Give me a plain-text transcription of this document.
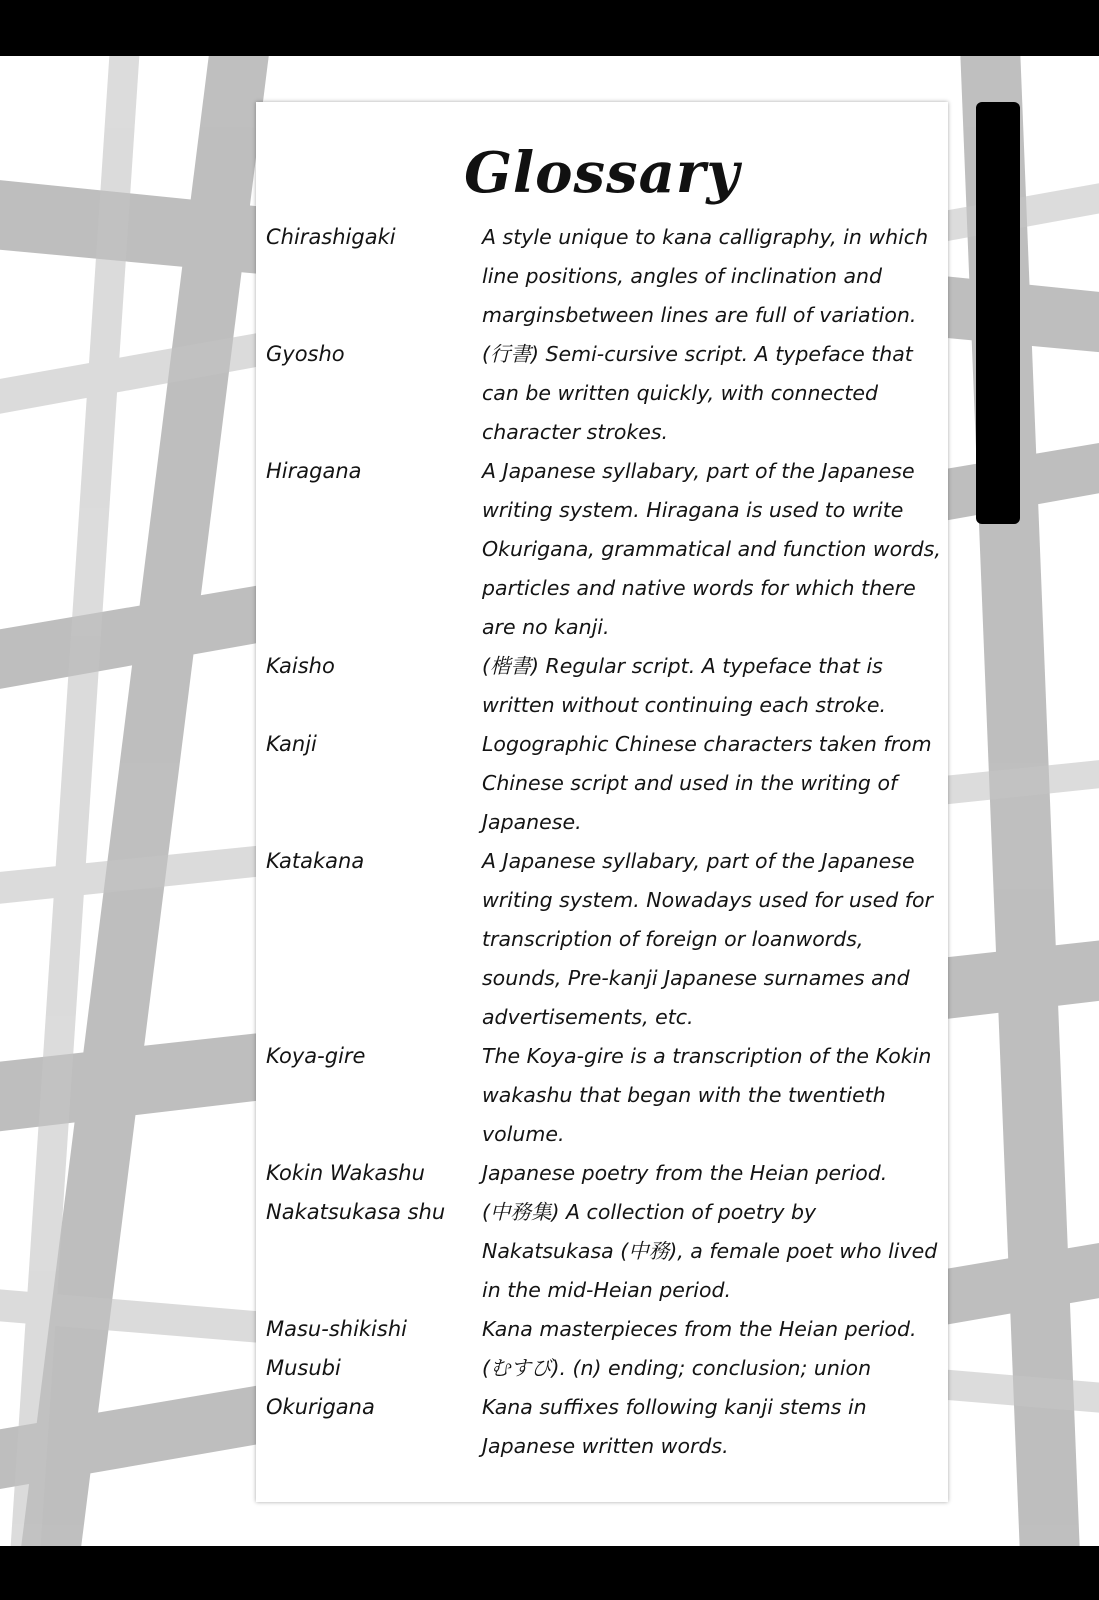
Glossary
Chirashigaki	A style unique to kana calligraphy, in which line positions, angles of inclination and marginsbetween lines are full of variation.
Gyosho	(行書) Semi-cursive script. A typeface that can be written quickly, with connected character strokes.
Hiragana	A Japanese syllabary, part of the Japanese writing system. Hiragana is used to write Okurigana, grammatical and function words, particles and native words for which there are no kanji.
Kaisho	(楷書) Regular script. A typeface that is written without continuing each stroke.
Kanji	Logographic Chinese characters taken from Chinese script and used in the writing of Japanese.
Katakana	A Japanese syllabary, part of the Japanese writing system. Nowadays used for used for transcription of foreign or loanwords, sounds, Pre-kanji Japanese surnames and advertisements, etc.
Koya-gire	The Koya-gire is a transcription of the Kokin wakashu that began with the twentieth volume.
Kokin Wakashu	Japanese poetry from the Heian period.
Nakatsukasa shu	(中務集) A collection of poetry by Nakatsukasa (中務), a female poet who lived in the mid-Heian period.
Masu-shikishi	Kana masterpieces from the Heian period.
Musubi	(むすび). (n) ending; conclusion; union
Okurigana	Kana suffixes following kanji stems in Japanese written words.
